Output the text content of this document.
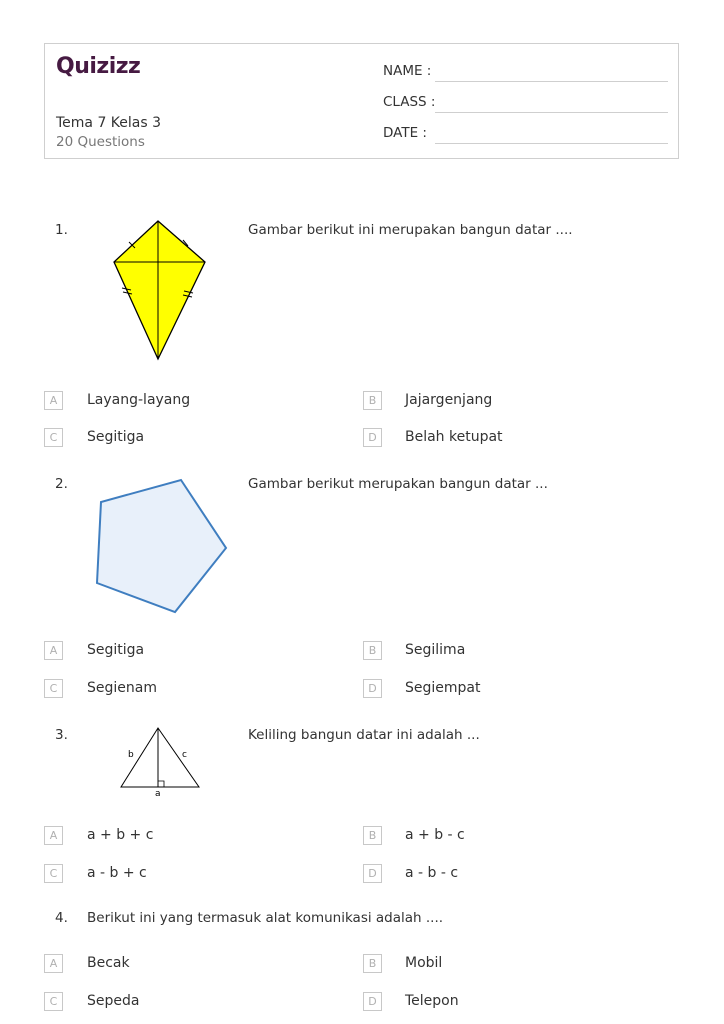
Quizizz
Tema 7 Kelas 3
20 Questions
NAME :
CLASS :
DATE :
1.	Gambar berikut ini merupakan bangun datar ....
A	Layang-layang	B	Jajargenjang
C	Segitiga	D	Belah ketupat
2.	Gambar berikut merupakan bangun datar ...
A	Segitiga	B	Segilima
C	Segienam	D	Segiempat
3.	Keliling bangun datar ini adalah ...
b	c
a
A	a + b + c	B	a + b - c
C	a - b + c	D	a - b - c
4. Berikut ini yang termasuk alat komunikasi adalah ....
A	Becak	B	Mobil
C	Sepeda	D	Telepon
